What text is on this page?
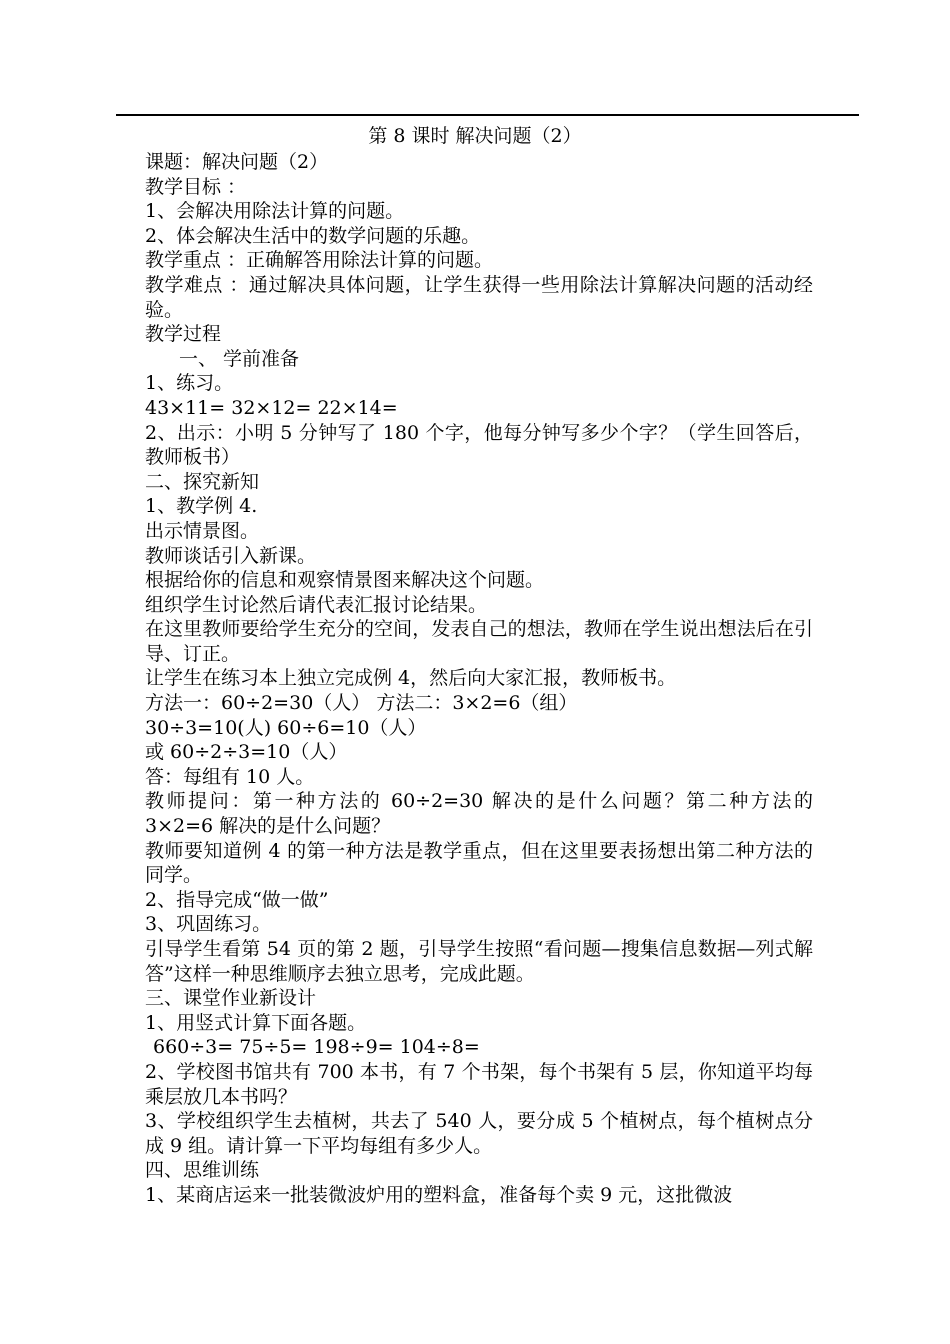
第 8 课时 解决问题（2）

课题：解决问题（2）

教学目标 ：

1、会解决用除法计算的问题。

2、体会解决生活中的数学问题的乐趣。

教学重点 ：正确解答用除法计算的问题。

教学难点 ：通过解决具体问题，让学生获得一些用除法计算解决问题的活动经验。

教学过程

一、 学前准备

1、练习。

43×11= 32×12= 22×14=

2、出示：小明 5 分钟写了 180 个字，他每分钟写多少个字？（学生回答后，教师板书）

二、探究新知

1、教学例 4.

出示情景图。

教师谈话引入新课。

根据给你的信息和观察情景图来解决这个问题。

组织学生讨论然后请代表汇报讨论结果。

在这里教师要给学生充分的空间，发表自己的想法，教师在学生说出想法后在引导、订正。

让学生在练习本上独立完成例 4，然后向大家汇报，教师板书。

方法一：60÷2=30（人） 方法二：3×2=6（组）

30÷3=10(人) 60÷6=10（人）

或 60÷2÷3=10（人）

答：每组有 10 人。

教师提问：第一种方法的 60÷2=30 解决的是什么问题？第二种方法的 3×2=6 解决的是什么问题？

教师要知道例 4 的第一种方法是教学重点，但在这里要表扬想出第二种方法的同学。

2、指导完成“做一做”

3、巩固练习。

引导学生看第 54 页的第 2 题，引导学生按照“看问题—搜集信息数据—列式解答”这样一种思维顺序去独立思考，完成此题。

三、课堂作业新设计

1、用竖式计算下面各题。

660÷3= 75÷5= 198÷9= 104÷8=

2、学校图书馆共有 700 本书，有 7 个书架，每个书架有 5 层，你知道平均每乘层放几本书吗？

3、学校组织学生去植树，共去了 540 人，要分成 5 个植树点，每个植树点分成 9 组。请计算一下平均每组有多少人。

四、思维训练

1、某商店运来一批装微波炉用的塑料盒，准备每个卖 9 元，这批微波
